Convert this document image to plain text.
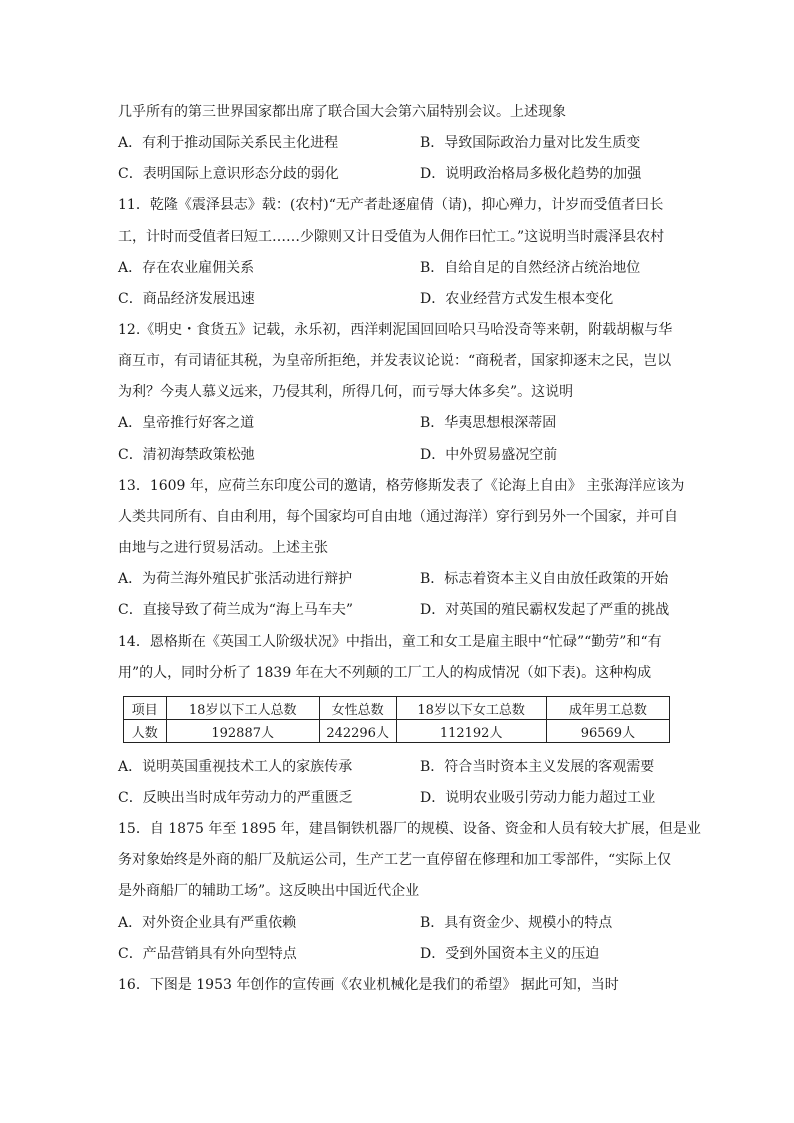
几乎所有的第三世界国家都出席了联合国大会第六届特别会议。上述现象
A．有利于推动国际关系民主化进程	B．导致国际政治力量对比发生质变
C．表明国际上意识形态分歧的弱化	D．说明政治格局多极化趋势的加强
11．乾隆《震泽县志》载：(农村)“无产者赴逐雇倩（请)，抑心殚力，计岁而受值者曰长
工，计时而受值者曰短工……少隙则又计日受值为人佣作曰忙工。”这说明当时震泽县农村
A．存在农业雇佣关系	B．自给自足的自然经济占统治地位
C．商品经济发展迅速	D．农业经营方式发生根本变化
12.《明史・食货五》记载，永乐初，西洋剌泥国回回哈只马哈没奇等来朝，附载胡椒与华
商互市，有司请征其税，为皇帝所拒绝，并发表议论说：“商税者，国家抑逐末之民，岂以
为利？今夷人慕义远来，乃侵其利，所得几何，而亏辱大体多矣”。这说明
A．皇帝推行好客之道	B．华夷思想根深蒂固
C．清初海禁政策松弛	D．中外贸易盛况空前
13．1609 年，应荷兰东印度公司的邀请，格劳修斯发表了《论海上自由》 主张海洋应该为
人类共同所有、自由利用，每个国家均可自由地（通过海洋）穿行到另外一个国家，并可自
由地与之进行贸易活动。上述主张
A．为荷兰海外殖民扩张活动进行辩护	B．标志着资本主义自由放任政策的开始
C．直接导致了荷兰成为“海上马车夫”	D．对英国的殖民霸权发起了严重的挑战
14．恩格斯在《英国工人阶级状况》中指出，童工和女工是雇主眼中“忙碌”“勤劳”和“有
用”的人，同时分析了 1839 年在大不列颠的工厂工人的构成情况（如下表)。这种构成
项目	18岁以下工人总数	女性总数	18岁以下女工总数	成年男工总数
人数	192887人	242296人	112192人	96569人
A．说明英国重视技术工人的家族传承	B．符合当时资本主义发展的客观需要
C．反映出当时成年劳动力的严重匮乏	D．说明农业吸引劳动力能力超过工业
15．自 1875 年至 1895 年，建昌铜铁机器厂的规模、设备、资金和人员有较大扩展，但是业
务对象始终是外商的船厂及航运公司，生产工艺一直停留在修理和加工零部件，“实际上仅
是外商船厂的辅助工场”。这反映出中国近代企业
A．对外资企业具有严重依赖	B．具有资金少、规模小的特点
C．产品营销具有外向型特点	D．受到外国资本主义的压迫
16．下图是 1953 年创作的宣传画《农业机械化是我们的希望》 据此可知，当时
